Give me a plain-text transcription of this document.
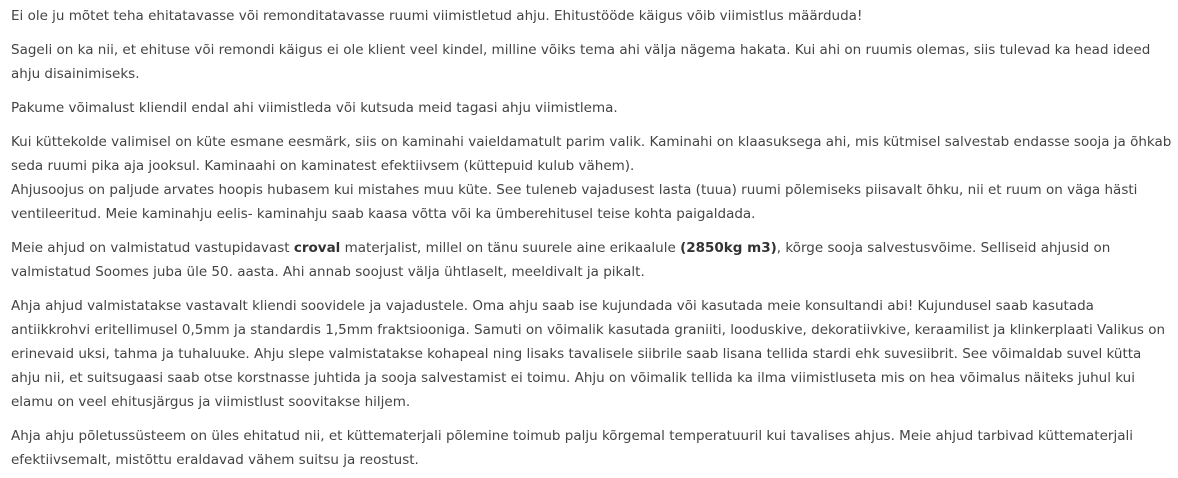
Ei ole ju mõtet teha ehitatavasse või remonditatavasse ruumi viimistletud ahju. Ehitustööde käigus võib viimistlus määrduda!

Sageli on ka nii, et ehituse või remondi käigus ei ole klient veel kindel, milline võiks tema ahi välja nägema hakata. Kui ahi on ruumis olemas, siis tulevad ka head ideed ahju disainimiseks.

Pakume võimalust kliendil endal ahi viimistleda või kutsuda meid tagasi ahju viimistlema.

Kui küttekolde valimisel on küte esmane eesmärk, siis on kaminahi vaieldamatult parim valik. Kaminahi on klaasuksega ahi, mis kütmisel salvestab endasse sooja ja õhkab seda ruumi pika aja jooksul. Kaminaahi on kaminatest efektiivsem (küttepuid kulub vähem).
Ahjusoojus on paljude arvates hoopis hubasem kui mistahes muu küte. See tuleneb vajadusest lasta (tuua) ruumi põlemiseks piisavalt õhku, nii et ruum on väga hästi ventileeritud. Meie kaminahju eelis- kaminahju saab kaasa võtta või ka ümberehitusel teise kohta paigaldada.

Meie ahjud on valmistatud vastupidavast croval materjalist, millel on tänu suurele aine erikaalule (2850kg m3), kõrge sooja salvestusvõime. Selliseid ahjusid on valmistatud Soomes juba üle 50. aasta. Ahi annab soojust välja ühtlaselt, meeldivalt ja pikalt.

Ahja ahjud valmistatakse vastavalt kliendi soovidele ja vajadustele. Oma ahju saab ise kujundada või kasutada meie konsultandi abi! Kujundusel saab kasutada antiikkrohvi eritellimusel 0,5mm ja standardis 1,5mm fraktsiooniga. Samuti on võimalik kasutada graniiti, looduskive, dekoratiivkive, keraamilist ja klinkerplaati Valikus on erinevaid uksi, tahma ja tuhaluuke. Ahju slepe valmistatakse kohapeal ning lisaks tavalisele siibrile saab lisana tellida stardi ehk suvesiibrit. See võimaldab suvel kütta ahju nii, et suitsugaasi saab otse korstnasse juhtida ja sooja salvestamist ei toimu. Ahju on võimalik tellida ka ilma viimistluseta mis on hea võimalus näiteks juhul kui elamu on veel ehitusjärgus ja viimistlust soovitakse hiljem.

Ahja ahju põletussüsteem on üles ehitatud nii, et küttematerjali põlemine toimub palju kõrgemal temperatuuril kui tavalises ahjus. Meie ahjud tarbivad küttematerjali efektiivsemalt, mistõttu eraldavad vähem suitsu ja reostust.
